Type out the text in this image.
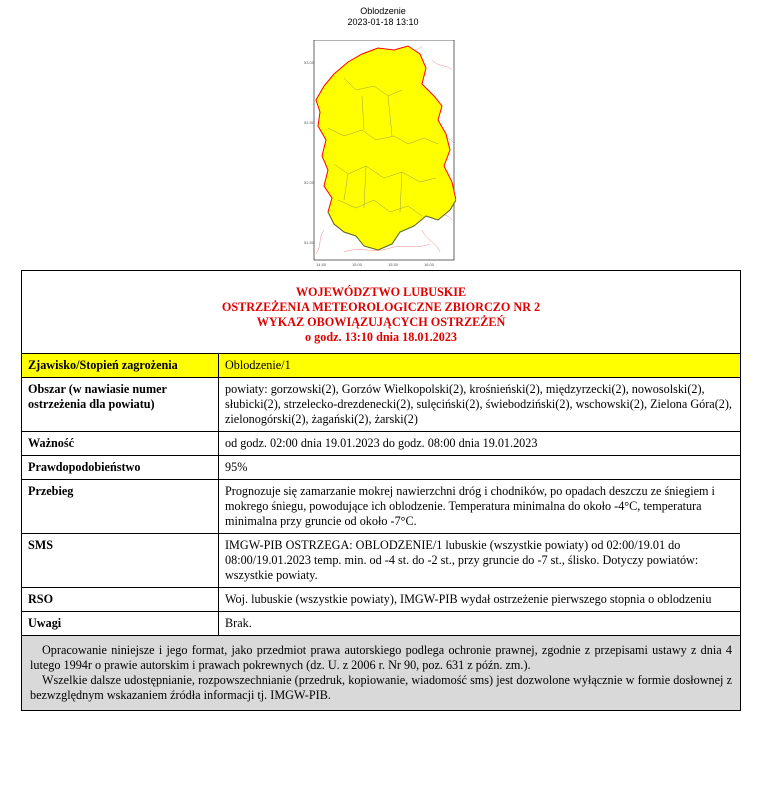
Oblodzenie
2023-01-18 13:10
14.50	15.00	15.50	16.00
53.00
52.50
52.00
51.50
WOJEWÓDZTWO LUBUSKIE
OSTRZEŻENIA METEOROLOGICZNE ZBIORCZO NR 2
WYKAZ OBOWIĄZUJĄCYCH OSTRZEŻEŃ
o godz. 13:10 dnia 18.01.2023	

Zjawisko/Stopień zagrożenia	Oblodzenie/1
Obszar (w nawiasie numer ostrzeżenia dla powiatu)	powiaty: gorzowski(2), Gorzów Wielkopolski(2), krośnieński(2), międzyrzecki(2), nowosolski(2), słubicki(2), strzelecko-drezdenecki(2), sulęciński(2), świebodziński(2), wschowski(2), Zielona Góra(2), zielonogórski(2), żagański(2), żarski(2)
Ważność	od godz. 02:00 dnia 19.01.2023 do godz. 08:00 dnia 19.01.2023
Prawdopodobieństwo	95%
Przebieg	Prognozuje się zamarzanie mokrej nawierzchni dróg i chodników, po opadach deszczu ze śniegiem i mokrego śniegu, powodujące ich oblodzenie. Temperatura minimalna do około -4°C, temperatura minimalna przy gruncie od około -7°C.
SMS	IMGW-PIB OSTRZEGA: OBLODZENIE/1 lubuskie (wszystkie powiaty) od 02:00/19.01 do 08:00/19.01.2023 temp. min. od -4 st. do -2 st., przy gruncie do -7 st., ślisko. Dotyczy powiatów: wszystkie powiaty.
RSO	Woj. lubuskie (wszystkie powiaty), IMGW-PIB wydał ostrzeżenie pierwszego stopnia o oblodzeniu
Uwagi	Brak.

Opracowanie niniejsze i jego format, jako przedmiot prawa autorskiego podlega ochronie prawnej, zgodnie z przepisami ustawy z dnia 4 lutego 1994r o prawie autorskim i prawach pokrewnych (dz. U. z 2006 r. Nr 90, poz. 631 z późn. zm.).

Wszelkie dalsze udostępnianie, rozpowszechnianie (przedruk, kopiowanie, wiadomość sms) jest dozwolone wyłącznie w formie dosłownej z bezwzględnym wskazaniem źródła informacji tj. IMGW-PIB.	
